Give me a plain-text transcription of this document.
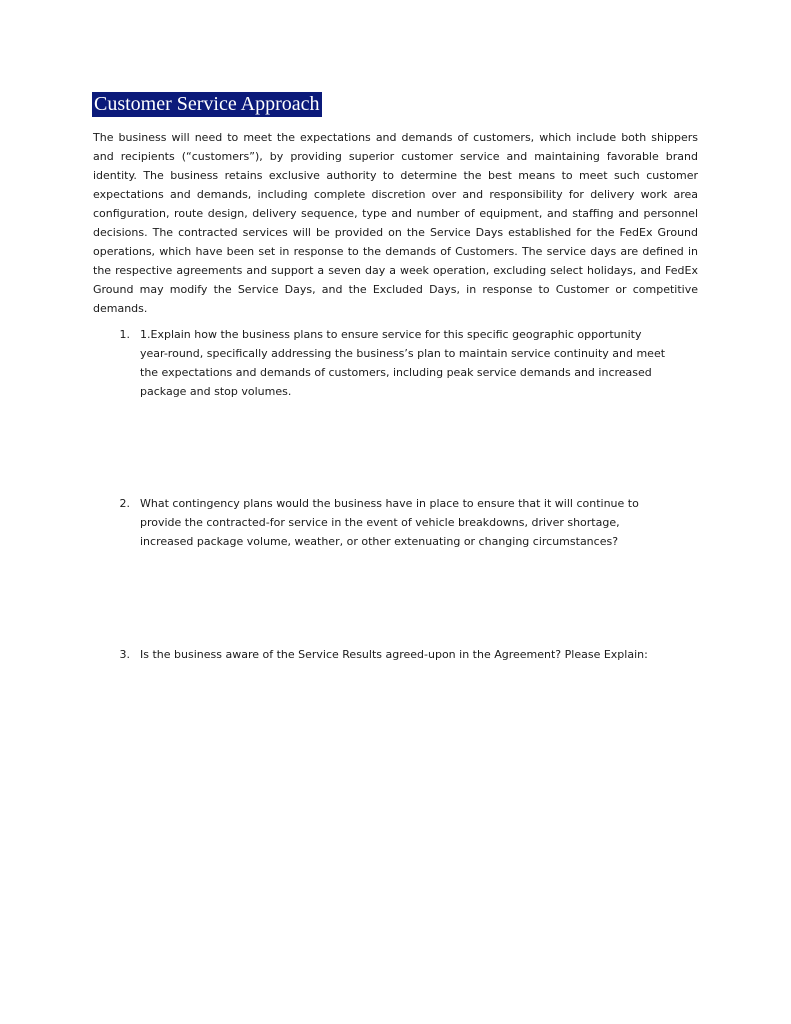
Customer Service Approach

The business will need to meet the expectations and demands of customers, which include both shippers and recipients (“customers”), by providing superior customer service and maintaining favorable brand identity. The business retains exclusive authority to determine the best means to meet such customer expectations and demands, including complete discretion over and responsibility for delivery work area configuration, route design, delivery sequence, type and number of equipment, and staffing and personnel decisions. The contracted services will be provided on the Service Days established for the FedEx Ground operations, which have been set in response to the demands of Customers. The service days are defined in the respective agreements and support a seven day a week operation, excluding select holidays, and FedEx Ground may modify the Service Days, and the Excluded Days, in response to Customer or competitive demands.

1. 1.Explain how the business plans to ensure service for this specific geographic opportunity year-round, specifically addressing the business’s plan to maintain service continuity and meet the expectations and demands of customers, including peak service demands and increased package and stop volumes.
2. What contingency plans would the business have in place to ensure that it will continue to provide the contracted-for service in the event of vehicle breakdowns, driver shortage, increased package volume, weather, or other extenuating or changing circumstances?
3. Is the business aware of the Service Results agreed-upon in the Agreement? Please Explain:
